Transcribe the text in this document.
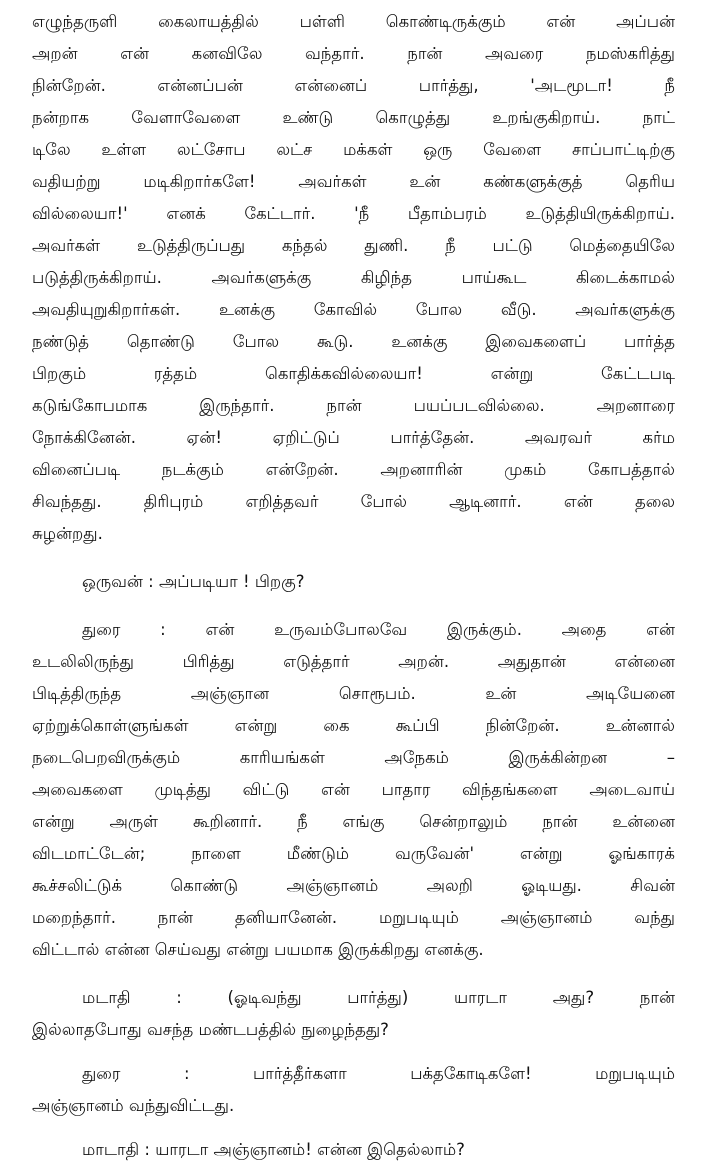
எழுந்தருளி கைலாயத்தில் பள்ளி கொண்டிருக்கும் என் அப்பன்
அறன் என் கனவிலே வந்தார். நான் அவரை நமஸ்கரித்து
நின்றேன். என்னப்பன் என்னைப் பார்த்து, 'அடமூடா! நீ
நன்றாக வேளாவேளை உண்டு கொழுத்து உறங்குகிறாய். நாட்
டிலே உள்ள லட்சோப லட்ச மக்கள் ஒரு வேளை சாப்பாட்டிற்கு
வதியற்று மடிகிறார்களே! அவர்கள் உன் கண்களுக்குத் தெரிய
வில்லையா!' எனக் கேட்டார். 'நீ பீதாம்பரம் உடுத்தியிருக்கிறாய்.
அவர்கள் உடுத்திருப்பது கந்தல் துணி. நீ பட்டு மெத்தையிலே
படுத்திருக்கிறாய். அவர்களுக்கு கிழிந்த பாய்கூட கிடைக்காமல்
அவதியுறுகிறார்கள். உனக்கு கோவில் போல வீடு. அவர்களுக்கு
நண்டுத் தொண்டு போல கூடு. உனக்கு இவைகளைப் பார்த்த
பிறகும் ரத்தம் கொதிக்கவில்லையா! என்று கேட்டபடி
கடுங்கோபமாக இருந்தார். நான் பயப்படவில்லை. அறனாரை
நோக்கினேன். ஏன்! ஏறிட்டுப் பார்த்தேன். அவரவர் கர்ம
வினைப்படி நடக்கும் என்றேன். அறனாரின் முகம் கோபத்தால்
சிவந்தது. திரிபுரம் எறித்தவர் போல் ஆடினார். என் தலை
சுழன்றது.
ஒருவன் : அப்படியா ! பிறகு?
துரை : என் உருவம்போலவே இருக்கும். அதை என்
உடலிலிருந்து பிரித்து எடுத்தார் அறன். அதுதான் என்னை
பிடித்திருந்த அஞ்ஞான சொரூபம். உன் அடியேனை
ஏற்றுக்கொள்ளுங்கள் என்று கை கூப்பி நின்றேன். உன்னால்
நடைபெறவிருக்கும் காரியங்கள் அநேகம் இருக்கின்றன –
அவைகளை முடித்து விட்டு என் பாதார விந்தங்களை அடைவாய்
என்று அருள் கூறினார். நீ எங்கு சென்றாலும் நான் உன்னை
விடமாட்டேன்; நாளை மீண்டும் வருவேன்' என்று ஓங்காரக்
கூச்சலிட்டுக் கொண்டு அஞ்ஞானம் அலறி ஓடியது. சிவன்
மறைந்தார். நான் தனியானேன். மறுபடியும் அஞ்ஞானம் வந்து
விட்டால் என்ன செய்வது என்று பயமாக இருக்கிறது எனக்கு.
மடாதி : (ஓடிவந்து பார்த்து) யாரடா அது? நான்
இல்லாதபோது வசந்த மண்டபத்தில் நுழைந்தது?
துரை : பார்த்தீர்களா பக்தகோடிகளே! மறுபடியும்
அஞ்ஞானம் வந்துவிட்டது.
மாடாதி : யாரடா அஞ்ஞானம்! என்ன இதெல்லாம்?
